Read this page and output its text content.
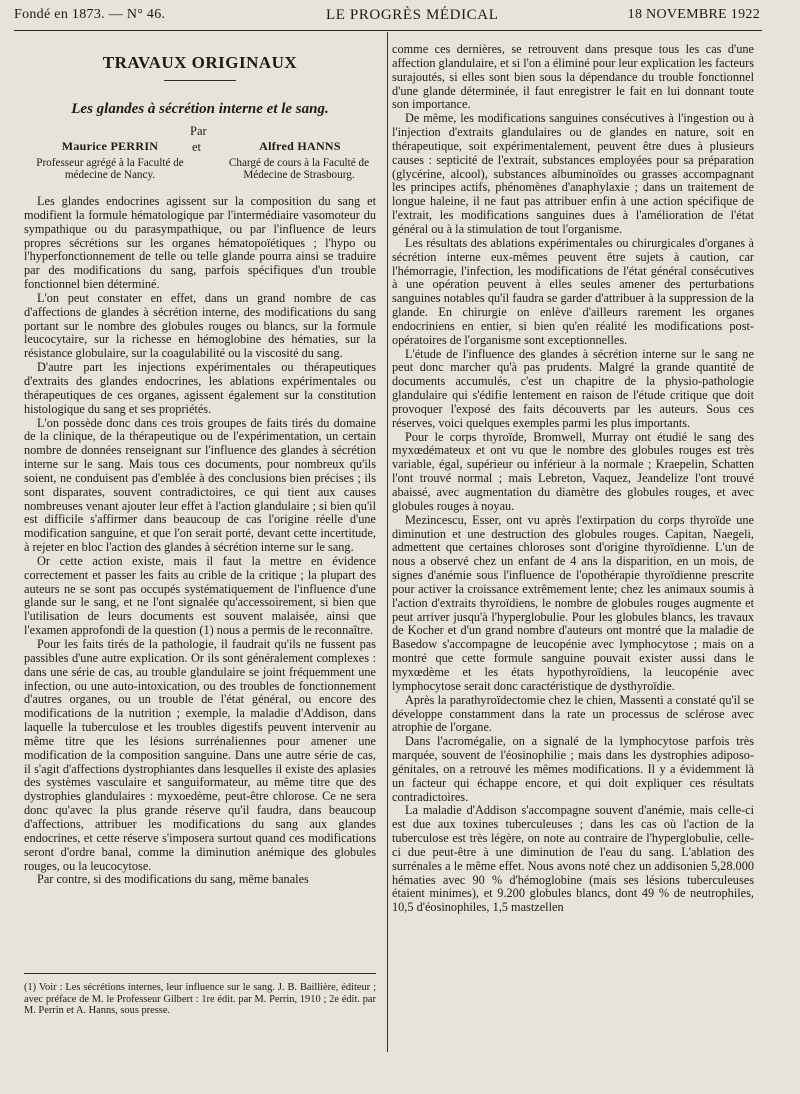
Fondé en 1873. — N° 46.	LE PROGRÈS MÉDICAL	18 NOVEMBRE 1922
TRAVAUX ORIGINAUX
Les glandes à sécrétion interne et le sang.
Par
et
Maurice PERRIN	Alfred HANNS
Professeur agrégé à la Faculté de médecine de Nancy.
Chargé de cours à la Faculté de Médecine de Strasbourg.

Les glandes endocrines agissent sur la composition du sang et modifient la formule hématologique par l'intermédiaire vasomoteur du sympathique ou du parasympathique, ou par l'influence de leurs propres sécrétions sur les organes hématopoïétiques ; l'hypo ou l'hyperfonctionnement de telle ou telle glande pourra ainsi se traduire par des modifications du sang, parfois spécifiques d'un trouble fonctionnel bien déterminé.

L'on peut constater en effet, dans un grand nombre de cas d'affections de glandes à sécrétion interne, des modifications du sang portant sur le nombre des globules rouges ou blancs, sur la formule leucocytaire, sur la richesse en hémoglobine des hématies, sur la résistance globulaire, sur la coagulabilité ou la viscosité du sang.

D'autre part les injections expérimentales ou thérapeutiques d'extraits des glandes endocrines, les ablations expérimentales ou thérapeutiques de ces organes, agissent également sur la constitution histologique du sang et ses propriétés.

L'on possède donc dans ces trois groupes de faits tirés du domaine de la clinique, de la thérapeutique ou de l'expérimentation, un certain nombre de données renseignant sur l'influence des glandes à sécrétion interne sur le sang. Mais tous ces documents, pour nombreux qu'ils soient, ne conduisent pas d'emblée à des conclusions bien précises ; ils sont disparates, souvent contradictoires, ce qui tient aux causes nombreuses venant ajouter leur effet à l'action glandulaire ; si bien qu'il est difficile s'affirmer dans beaucoup de cas l'origine réelle d'une modification sanguine, et que l'on serait porté, devant cette incertitude, à rejeter en bloc l'action des glandes à sécrétion interne sur le sang.

Or cette action existe, mais il faut la mettre en évidence correctement et passer les faits au crible de la critique ; la plupart des auteurs ne se sont pas occupés systématiquement de l'influence d'une glande sur le sang, et ne l'ont signalée qu'accessoirement, si bien que l'utilisation de leurs documents est souvent malaisée, ainsi que l'examen approfondi de la question (1) nous a permis de le reconnaître.

Pour les faits tirés de la pathologie, il faudrait qu'ils ne fussent pas passibles d'une autre explication. Or ils sont généralement complexes : dans une série de cas, au trouble glandulaire se joint fréquemment une infection, ou une auto-intoxication, ou des troubles de fonctionnement d'autres organes, ou un trouble de l'état général, ou encore des modifications de la nutrition ; exemple, la maladie d'Addison, dans laquelle la tuberculose et les troubles digestifs peuvent intervenir au même titre que les lésions surrénaliennes pour amener une modification de la composition sanguine. Dans une autre série de cas, il s'agit d'affections dystrophiantes dans lesquelles il existe des aplasies des systèmes vasculaire et sanguiformateur, au même titre que des dystrophies glandulaires : myxoedème, peut-être chlorose. Ce ne sera donc qu'avec la plus grande réserve qu'il faudra, dans beaucoup d'affections, attribuer les modifications du sang aux glandes endocrines, et cette réserve s'imposera surtout quand ces modifications seront d'ordre banal, comme la diminution anémique des globules rouges, ou la leucocytose.

Par contre, si des modifications du sang, même banales

(1) Voir : Les sécrétions internes, leur influence sur le sang. J. B. Baillière, éditeur ; avec préface de M. le Professeur Gilbert : 1re édit. par M. Perrin, 1910 ; 2e édit. par M. Perrin et A. Hanns, sous presse.

comme ces dernières, se retrouvent dans presque tous les cas d'une affection glandulaire, et si l'on a éliminé pour leur explication les facteurs surajoutés, si elles sont bien sous la dépendance du trouble fonctionnel d'une glande déterminée, il faut enregistrer le fait en lui donnant toute son importance.

De même, les modifications sanguines consécutives à l'ingestion ou à l'injection d'extraits glandulaires ou de glandes en nature, soit en thérapeutique, soit expérimentalement, peuvent être dues à plusieurs causes : septicité de l'extrait, substances employées pour sa préparation (glycérine, alcool), substances albuminoïdes ou grasses accompagnant les principes actifs, phénomènes d'anaphylaxie ; dans un traitement de longue haleine, il ne faut pas attribuer enfin à une action spécifique de l'extrait, les modifications sanguines dues à l'amélioration de l'état général ou à la stimulation de tout l'organisme.

Les résultats des ablations expérimentales ou chirurgicales d'organes à sécrétion interne eux-mêmes peuvent être sujets à caution, car l'hémorragie, l'infection, les modifications de l'état général consécutives à une opération peuvent à elles seules amener des perturbations sanguines notables qu'il faudra se garder d'attribuer à la suppression de la glande. En chirurgie on enlève d'ailleurs rarement les organes endocriniens en entier, si bien qu'en réalité les modifications post-opératoires de l'organisme sont exceptionnelles.

L'étude de l'influence des glandes à sécrétion interne sur le sang ne peut donc marcher qu'à pas prudents. Malgré la grande quantité de documents accumulés, c'est un chapitre de la physio-pathologie glandulaire qui s'édifie lentement en raison de l'étude critique que doit provoquer l'exposé des faits découverts par les auteurs. Sous ces réserves, voici quelques exemples parmi les plus importants.

Pour le corps thyroïde, Bromwell, Murray ont étudié le sang des myxœdémateux et ont vu que le nombre des globules rouges est très variable, égal, supérieur ou inférieur à la normale ; Kraepelin, Schatten l'ont trouvé normal ; mais Lebreton, Vaquez, Jeandelize l'ont trouvé abaissé, avec augmentation du diamètre des globules rouges, et avec globules rouges à noyau.

Mezincescu, Esser, ont vu après l'extirpation du corps thyroïde une diminution et une destruction des globules rouges. Capitan, Naegeli, admettent que certaines chloroses sont d'origine thyroïdienne. L'un de nous a observé chez un enfant de 4 ans la disparition, en un mois, de signes d'anémie sous l'influence de l'opothérapie thyroïdienne prescrite pour activer la croissance extrêmement lente; chez les animaux soumis à l'action d'extraits thyroïdiens, le nombre de globules rouges augmente et peut arriver jusqu'à l'hyperglobulie. Pour les globules blancs, les travaux de Kocher et d'un grand nombre d'auteurs ont montré que la maladie de Basedow s'accompagne de leucopénie avec lymphocytose ; mais on a montré que cette formule sanguine pouvait exister aussi dans le myxœdème et les états hypothyroïdiens, la leucopénie avec lymphocytose serait donc caractéristique de dysthyroïdie.

Après la parathyroïdectomie chez le chien, Massenti a constaté qu'il se développe constamment dans la rate un processus de sclérose avec atrophie de l'organe.

Dans l'acromégalie, on a signalé de la lymphocytose parfois très marquée, souvent de l'éosinophilie ; mais dans les dystrophies adiposo-génitales, on a retrouvé les mêmes modifications. Il y a évidemment là un facteur qui échappe encore, et qui doit expliquer ces résultats contradictoires.

La maladie d'Addison s'accompagne souvent d'anémie, mais celle-ci est due aux toxines tuberculeuses ; dans les cas où l'action de la tuberculose est très légère, on note au contraire de l'hyperglobulie, celle-ci due peut-être à une diminution de l'eau du sang. L'ablation des surrénales a le même effet. Nous avons noté chez un addisonien 5,28.000 hématies avec 90 % d'hémoglobine (mais ses lésions tuberculeuses étaient minimes), et 9.200 globules blancs, dont 49 % de neutrophiles, 10,5 d'éosinophiles, 1,5 mastzellen
